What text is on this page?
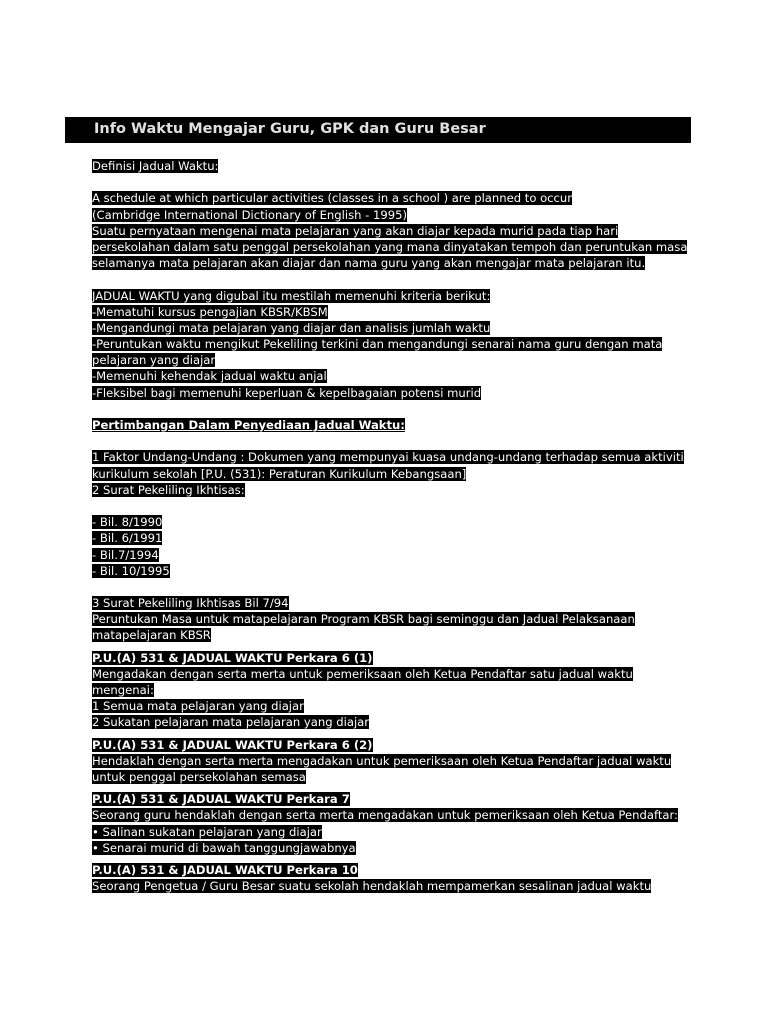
Info Waktu Mengajar Guru, GPK dan Guru Besar
Definisi Jadual Waktu:
A schedule at which particular activities (classes in a school ) are planned to occur
(Cambridge International Dictionary of English - 1995)
Suatu pernyataan mengenai mata pelajaran yang akan diajar kepada murid pada tiap hari
persekolahan dalam satu penggal persekolahan yang mana dinyatakan tempoh dan peruntukan masa
selamanya mata pelajaran akan diajar dan nama guru yang akan mengajar mata pelajaran itu.
JADUAL WAKTU yang digubal itu mestilah memenuhi kriteria berikut:
-Mematuhi kursus pengajian KBSR/KBSM
-Mengandungi mata pelajaran yang diajar dan analisis jumlah waktu
-Peruntukan waktu mengikut Pekeliling terkini dan mengandungi senarai nama guru dengan mata
pelajaran yang diajar
-Memenuhi kehendak jadual waktu anjal
-Fleksibel bagi memenuhi keperluan & kepelbagaian potensi murid
Pertimbangan Dalam Penyediaan Jadual Waktu:
1 Faktor Undang-Undang : Dokumen yang mempunyai kuasa undang-undang terhadap semua aktiviti
kurikulum sekolah [P.U. (531): Peraturan Kurikulum Kebangsaan]
2 Surat Pekeliling Ikhtisas:
- Bil. 8/1990
- Bil. 6/1991
- Bil.7/1994
- Bil. 10/1995
3 Surat Pekeliling Ikhtisas Bil 7/94
Peruntukan Masa untuk matapelajaran Program KBSR bagi seminggu dan Jadual Pelaksanaan
matapelajaran KBSR
P.U.(A) 531 & JADUAL WAKTU Perkara 6 (1)
Mengadakan dengan serta merta untuk pemeriksaan oleh Ketua Pendaftar satu jadual waktu
mengenai:
1 Semua mata pelajaran yang diajar
2 Sukatan pelajaran mata pelajaran yang diajar
P.U.(A) 531 & JADUAL WAKTU Perkara 6 (2)
Hendaklah dengan serta merta mengadakan untuk pemeriksaan oleh Ketua Pendaftar jadual waktu
untuk penggal persekolahan semasa
P.U.(A) 531 & JADUAL WAKTU Perkara 7
Seorang guru hendaklah dengan serta merta mengadakan untuk pemeriksaan oleh Ketua Pendaftar:
• Salinan sukatan pelajaran yang diajar
• Senarai murid di bawah tanggungjawabnya
P.U.(A) 531 & JADUAL WAKTU Perkara 10
Seorang Pengetua / Guru Besar suatu sekolah hendaklah mempamerkan sesalinan jadual waktu
